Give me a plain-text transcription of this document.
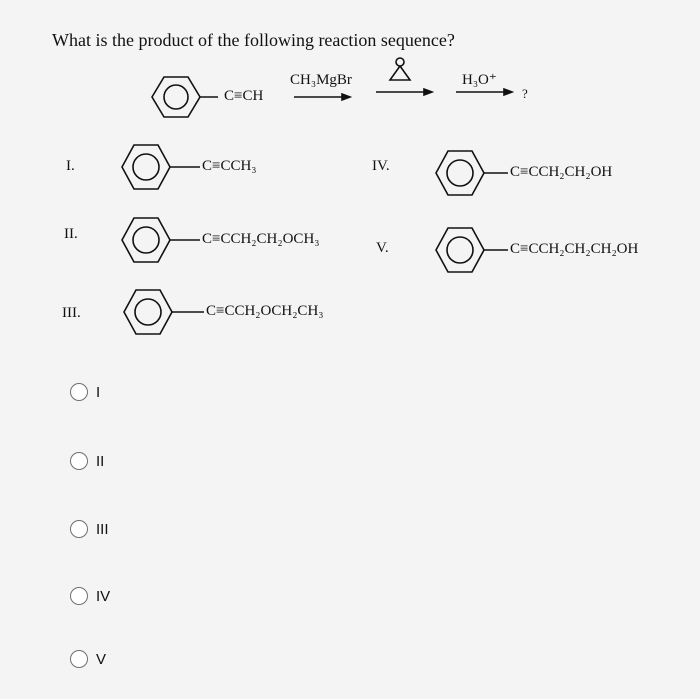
What is the product of the following reaction sequence?
C≡CH
CH₃MgBr	H₃O⁺
?
I.	C≡CCH₃
II.	C≡CCH₂CH₂OCH₃
III.	C≡CCH₂OCH₂CH₃
IV.	C≡CCH₂CH₂OH
V.	C≡CCH₂CH₂CH₂OH
I
II
III
IV
V
